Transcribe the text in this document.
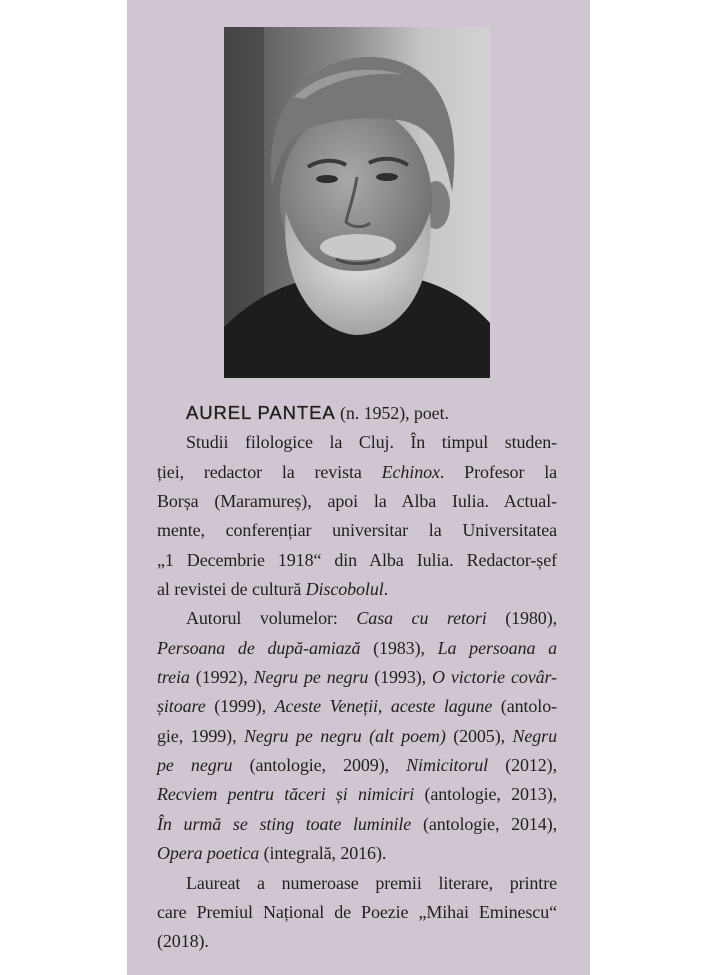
AUREL PANTEA (n. 1952), poet.
Studii filologice la Cluj. În timpul studen-
ției, redactor la revista Echinox. Profesor la
Borșa (Maramureș), apoi la Alba Iulia. Actual-
mente, conferențiar universitar la Universitatea
„1 Decembrie 1918“ din Alba Iulia. Redactor-șef
al revistei de cultură Discobolul.
Autorul volumelor: Casa cu retori (1980),
Persoana de după-amiază (1983), La persoana a
treia (1992), Negru pe negru (1993), O victorie covâr-
șitoare (1999), Aceste Veneții, aceste lagune (antolo-
gie, 1999), Negru pe negru (alt poem) (2005), Negru
pe negru (antologie, 2009), Nimicitorul (2012),
Recviem pentru tăceri și nimiciri (antologie, 2013),
În urmă se sting toate luminile (antologie, 2014),
Opera poetica (integrală, 2016).
Laureat a numeroase premii literare, printre
care Premiul Național de Poezie „Mihai Eminescu“
(2018).
